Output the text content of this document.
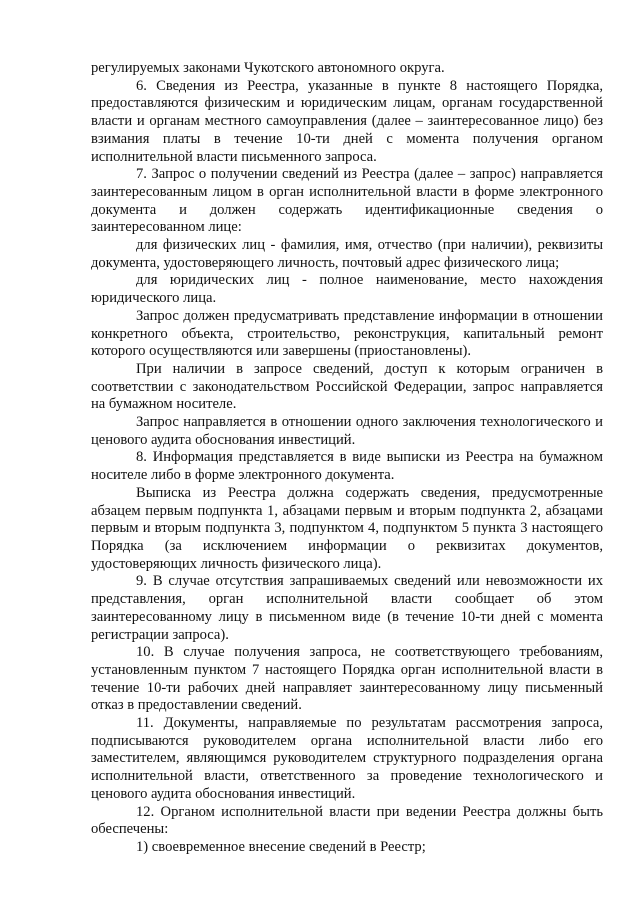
регулируемых законами Чукотского автономного округа.

6. Сведения из Реестра, указанные в пункте 8 настоящего Порядка, предоставляются физическим и юридическим лицам, органам государственной власти и органам местного самоуправления (далее – заинтересованное лицо) без взимания платы в течение 10-ти дней с момента получения органом исполнительной власти письменного запроса.

7. Запрос о получении сведений из Реестра (далее – запрос) направляется заинтересованным лицом в орган исполнительной власти в форме электронного документа и должен содержать идентификационные сведения о заинтересованном лице:

для физических лиц - фамилия, имя, отчество (при наличии), реквизиты документа, удостоверяющего личность, почтовый адрес физического лица;

для юридических лиц - полное наименование, место нахождения юридического лица.

Запрос должен предусматривать представление информации в отношении конкретного объекта, строительство, реконструкция, капитальный ремонт которого осуществляются или завершены (приостановлены).

При наличии в запросе сведений, доступ к которым ограничен в соответствии с законодательством Российской Федерации, запрос направляется на бумажном носителе.

Запрос направляется в отношении одного заключения технологического и ценового аудита обоснования инвестиций.

8. Информация представляется в виде выписки из Реестра на бумажном носителе либо в форме электронного документа.

Выписка из Реестра должна содержать сведения, предусмотренные абзацем первым подпункта 1, абзацами первым и вторым подпункта 2, абзацами первым и вторым подпункта 3, подпунктом 4, подпунктом 5 пункта 3 настоящего Порядка (за исключением информации о реквизитах документов, удостоверяющих личность физического лица).

9. В случае отсутствия запрашиваемых сведений или невозможности их представления, орган исполнительной власти сообщает об этом заинтересованному лицу в письменном виде (в течение 10-ти дней с момента регистрации запроса).

10. В случае получения запроса, не соответствующего требованиям, установленным пунктом 7 настоящего Порядка орган исполнительной власти в течение 10-ти рабочих дней направляет заинтересованному лицу письменный отказ в предоставлении сведений.

11. Документы, направляемые по результатам рассмотрения запроса, подписываются руководителем органа исполнительной власти либо его заместителем, являющимся руководителем структурного подразделения органа исполнительной власти, ответственного за проведение технологического и ценового аудита обоснования инвестиций.

12. Органом исполнительной власти при ведении Реестра должны быть обеспечены:

1) своевременное внесение сведений в Реестр;
